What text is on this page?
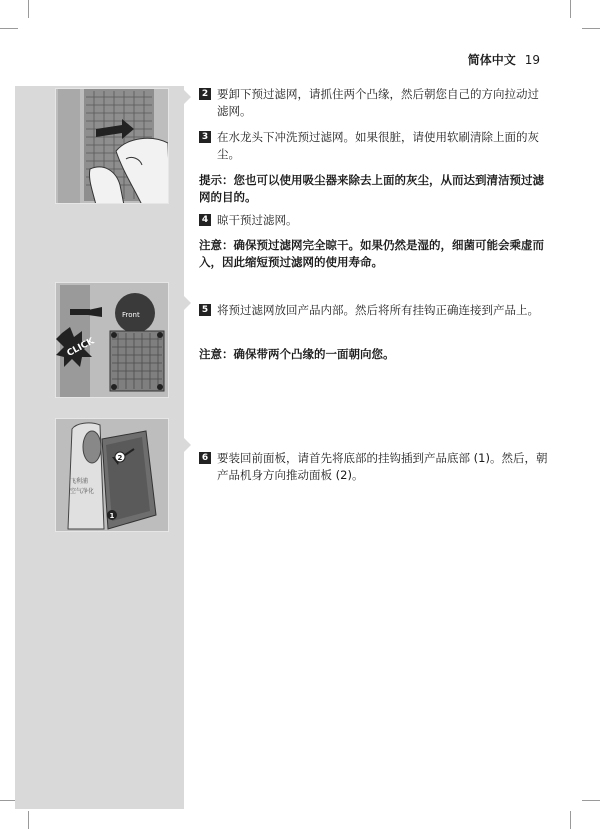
简体中文 19
CLICK
Front
2
1
飞利浦
空气净化
2 要卸下预过滤网，请抓住两个凸缘，然后朝您自己的方向拉动过滤网。
3 在水龙头下冲洗预过滤网。如果很脏，请使用软刷清除上面的灰尘。
提示：您也可以使用吸尘器来除去上面的灰尘，从而达到清洁预过滤网的目的。
4 晾干预过滤网。
注意：确保预过滤网完全晾干。如果仍然是湿的，细菌可能会乘虚而入，因此缩短预过滤网的使用寿命。
5 将预过滤网放回产品内部。然后将所有挂钩正确连接到产品上。
注意：确保带两个凸缘的一面朝向您。
6 要装回前面板，请首先将底部的挂钩插到产品底部 (1)。然后，朝产品机身方向推动面板 (2)。
